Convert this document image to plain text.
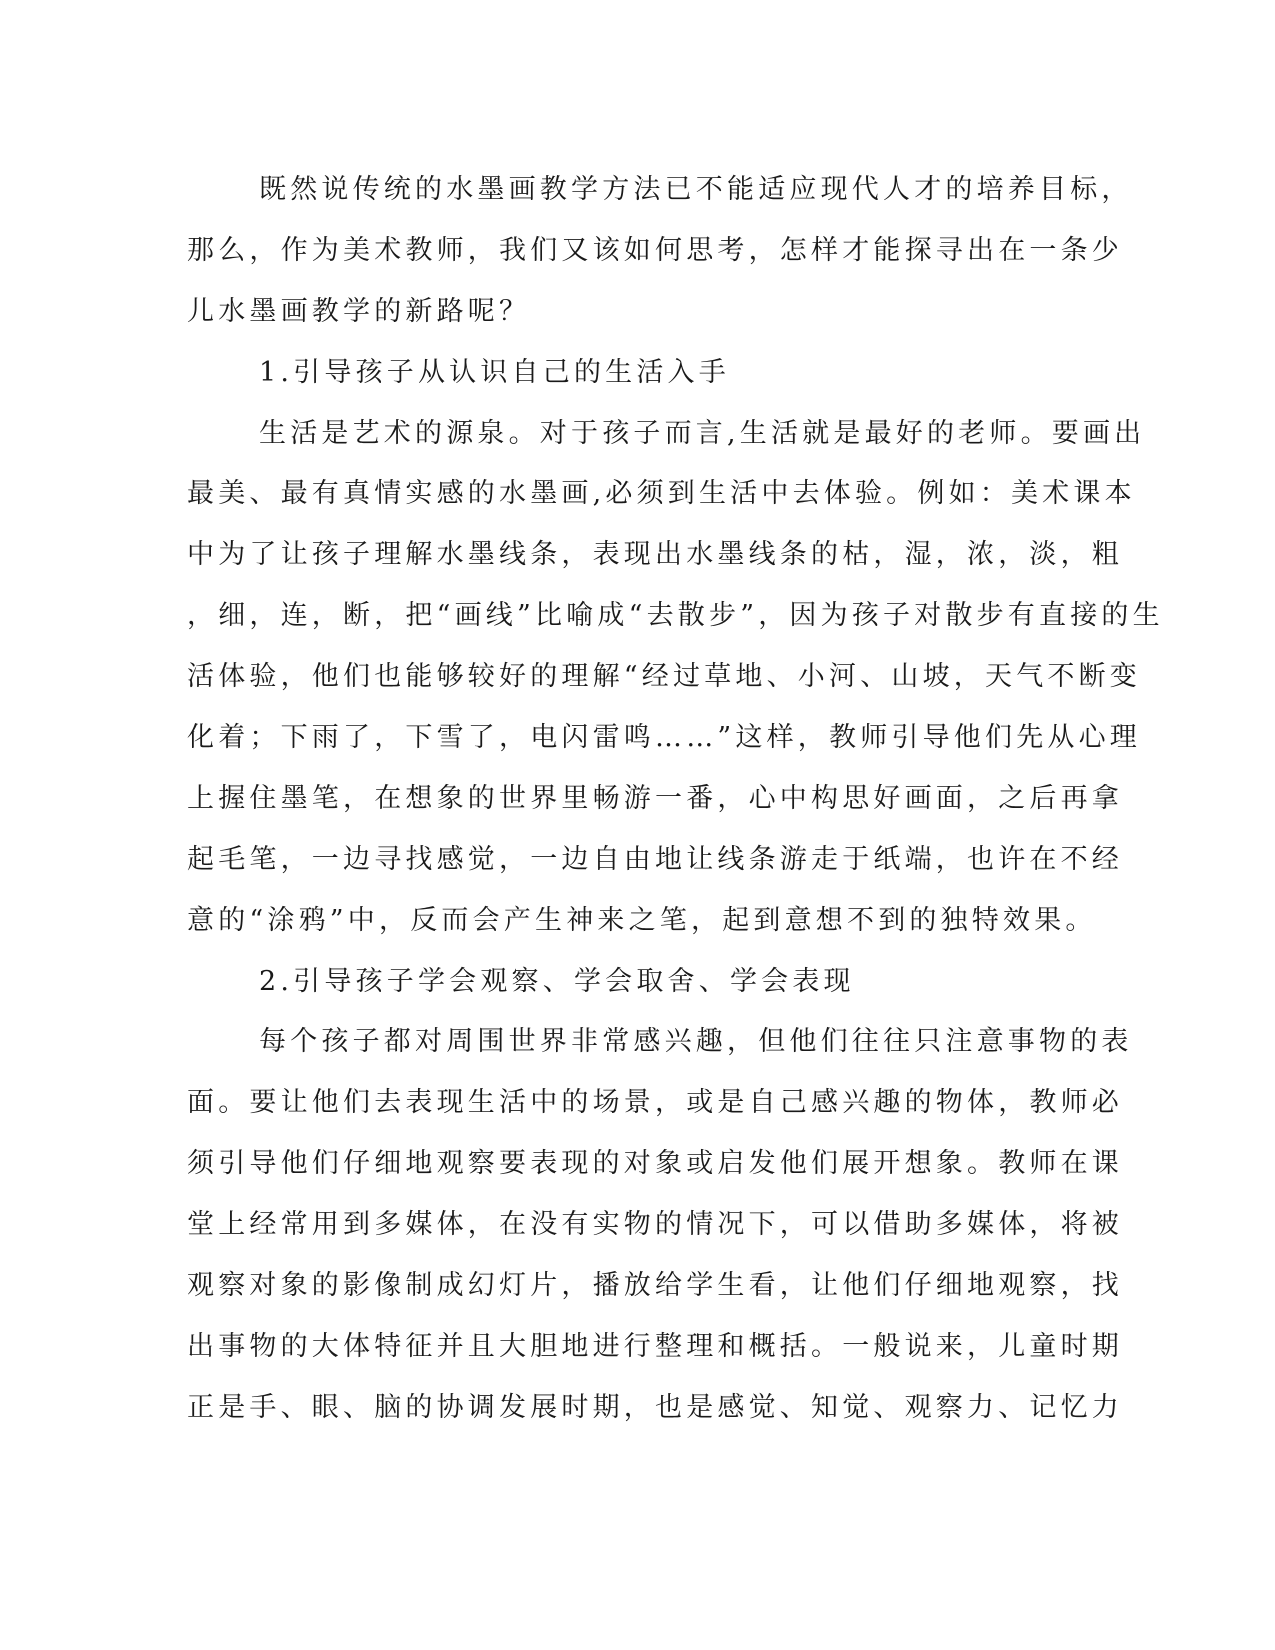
既然说传统的水墨画教学方法已不能适应现代人才的培养目标，
那么，作为美术教师，我们又该如何思考，怎样才能探寻出在一条少
儿水墨画教学的新路呢？
1.引导孩子从认识自己的生活入手
生活是艺术的源泉。对于孩子而言,生活就是最好的老师。要画出
最美、最有真情实感的水墨画,必须到生活中去体验。例如：美术课本
中为了让孩子理解水墨线条，表现出水墨线条的枯，湿，浓，淡，粗
，细，连，断，把“画线”比喻成“去散步”，因为孩子对散步有直接的生
活体验，他们也能够较好的理解“经过草地、小河、山坡，天气不断变
化着；下雨了，下雪了，电闪雷鸣……”这样，教师引导他们先从心理
上握住墨笔，在想象的世界里畅游一番，心中构思好画面，之后再拿
起毛笔，一边寻找感觉，一边自由地让线条游走于纸端，也许在不经
意的“涂鸦”中，反而会产生神来之笔，起到意想不到的独特效果。
2.引导孩子学会观察、学会取舍、学会表现
每个孩子都对周围世界非常感兴趣，但他们往往只注意事物的表
面。要让他们去表现生活中的场景，或是自己感兴趣的物体，教师必
须引导他们仔细地观察要表现的对象或启发他们展开想象。教师在课
堂上经常用到多媒体，在没有实物的情况下，可以借助多媒体，将被
观察对象的影像制成幻灯片，播放给学生看，让他们仔细地观察，找
出事物的大体特征并且大胆地进行整理和概括。一般说来，儿童时期
正是手、眼、脑的协调发展时期，也是感觉、知觉、观察力、记忆力
